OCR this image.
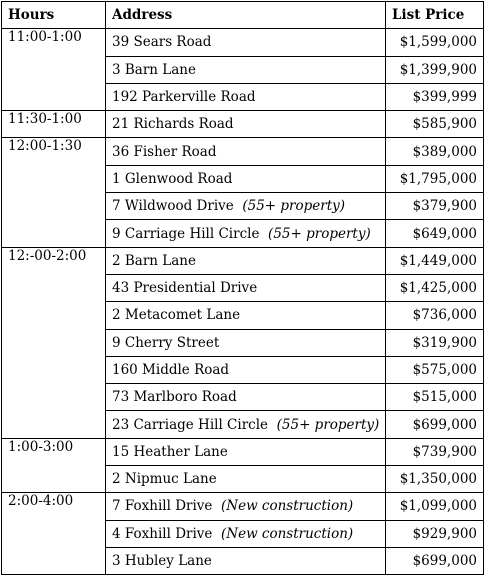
Hours	Address	List Price
11:00-1:00	39 Sears Road	$1,599,000
	3 Barn Lane	$1,399,900
	192 Parkerville Road	$399,999
11:30-1:00	21 Richards Road	$585,900
12:00-1:30	36 Fisher Road	$389,000
	1 Glenwood Road	$1,795,000
	7 Wildwood Drive (55+ property)	$379,900
	9 Carriage Hill Circle (55+ property)	$649,000
12:-00-2:00	2 Barn Lane	$1,449,000
	43 Presidential Drive	$1,425,000
	2 Metacomet Lane	$736,000
	9 Cherry Street	$319,900
	160 Middle Road	$575,000
	73 Marlboro Road	$515,000
	23 Carriage Hill Circle (55+ property)	$699,000
1:00-3:00	15 Heather Lane	$739,900
	2 Nipmuc Lane	$1,350,000
2:00-4:00	7 Foxhill Drive (New construction)	$1,099,000
	4 Foxhill Drive (New construction)	$929,900
	3 Hubley Lane	$699,000
